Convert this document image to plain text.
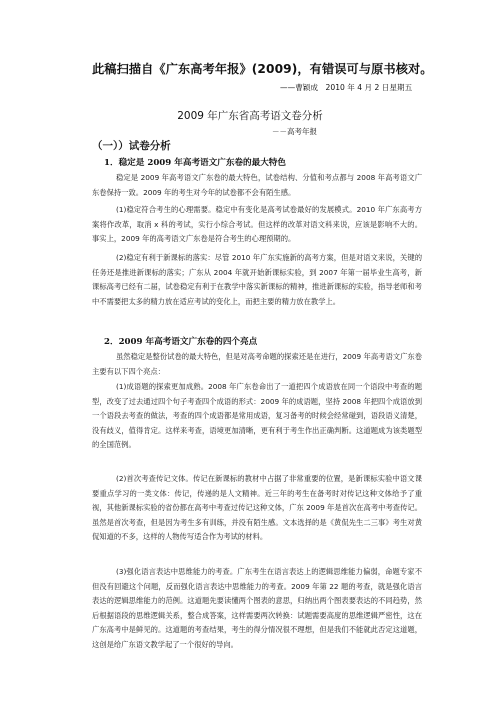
此稿扫描自《广东高考年报》(2009)，有错误可与原书核对。
——曹颖成　2010 年 4 月 2 日星期五
2009 年广东省高考语文卷分析
－－高考年报
（一））试卷分析
1．稳定是 2009 年高考语文广东卷的最大特色
稳定是 2009 年高考语文广东卷的最大特色，试卷结构、分值和考点都与 2008 年高考语文广东卷保持一致。2009 年的考生对今年的试卷都不会有陌生感。
(1)稳定符合考生的心理需要。稳定中有变化是高考试卷最好的发展模式。2010 年广东高考方案将作改革，取消 x 科的考试，实行小综合考试。但这样的改革对语文科来说，应该是影响不大的。事实上，2009 年的高考语文广东卷是符合考生的心理预期的。
(2)稳定有利于新课标的落实：尽管 2010 年广东实施新的高考方案，但是对语文来说，关键的任务还是推进新课标的落实；广东从 2004 年就开始新课标实验，到 2007 年第一届毕业生高考，新课标高考已经有二届，试卷稳定有利于在教学中落实新课标的精神，推进新课标的实验，指导老师和考中不需要把太多的精力放在适应考试的变化上，而把主要的精力放在教学上。
2．2009 年高考语文广东卷的四个亮点
虽然稳定是整份试卷的最大特色，但是对高考命题的探索还是在进行，2009 年高考语文广东卷主要有以下四个亮点：
(1)成语题的探索更加成熟。2008 年广东卷命出了一道把四个成语放在同一个语段中考查的题型，改变了过去通过四个句子考查四个成语的形式：2009 年的成语题，坚持 2008 年把四个成语放到一个语段去考查的做法，考查的四个成语都是常用成语，复习备考的时候会经常碰到，语段语义清楚，没有歧义，值得肯定。这样来考查，语境更加清晰，更有利于考生作出正确判断。这道题成为该类题型的全国范例。
(2)首次考查传记文体。传记在新课标的教材中占据了非常重要的位置，是新课标实验中语文课要重点学习的一类文体：传记，传递的是人文精神。近三年的考生在备考时对传记这种文体给予了重视，其他新课标实验的省份都在高考中考查过传记这种文体，广东 2009 年是首次在高考中考查传记。虽然是首次考查，但是因为考生多有训练，并没有陌生感。文本选择的是《黄侃先生二三事》考生对黄侃知道的不多，这样的人物传写适合作为考试的材料。
(3)强化语言表达中思维能力的考查。广东考生在语言表达上的逻辑思维能力偏弱，命题专家不但没有回避这个问题，反而强化语言表达中思维能力的考查。2009 年第 22 题的考查，就是强化语言表达的逻辑思维能力的范例。这道题先要读懂两个图表的意思，归纳出两个图表要表达的不同趋势，然后根据语段的思维逻辑关系，整合成答案，这样需要两次转换：试题需要高度的思维逻辑严密性，这在广东高考中是鲜见的。这道题的考查结果，考生的得分情况很不理想，但是我们不能就此否定这道题，这创是给广东语文教学起了一个很好的导向。
